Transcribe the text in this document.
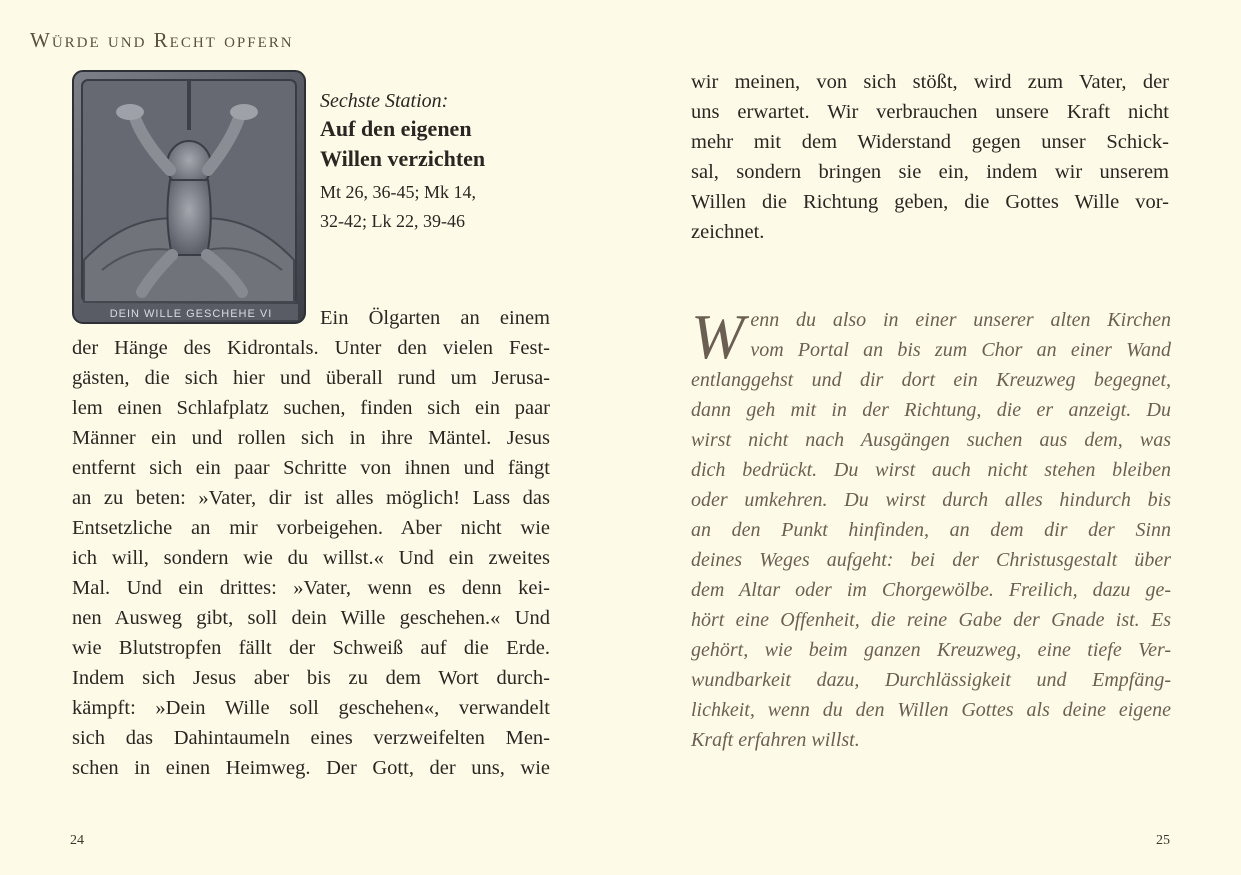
Würde und Recht opfern
DEIN WILLE GESCHEHE VI
Sechste Station:
Auf den eigenen
Willen verzichten
Mt 26, 36-45; Mk 14,
32-42; Lk 22, 39-46
Ein Ölgarten an einem
der Hänge des Kidrontals. Unter den vielen Fest-
gästen, die sich hier und überall rund um Jerusa-
lem einen Schlafplatz suchen, finden sich ein paar
Männer ein und rollen sich in ihre Mäntel. Jesus
entfernt sich ein paar Schritte von ihnen und fängt
an zu beten: »Vater, dir ist alles möglich! Lass das
Entsetzliche an mir vorbeigehen. Aber nicht wie
ich will, sondern wie du willst.« Und ein zweites
Mal. Und ein drittes: »Vater, wenn es denn kei-
nen Ausweg gibt, soll dein Wille geschehen.« Und
wie Blutstropfen fällt der Schweiß auf die Erde.
Indem sich Jesus aber bis zu dem Wort durch-
kämpft: »Dein Wille soll geschehen«, verwandelt
sich das Dahintaumeln eines verzweifelten Men-
schen in einen Heimweg. Der Gott, der uns, wie
24
wir meinen, von sich stößt, wird zum Vater, der
uns erwartet. Wir verbrauchen unsere Kraft nicht
mehr mit dem Widerstand gegen unser Schick-
sal, sondern bringen sie ein, indem wir unserem
Willen die Richtung geben, die Gottes Wille vor-
zeichnet.
W enn du also in einer unserer alten Kirchen
vom Portal an bis zum Chor an einer Wand
entlanggehst und dir dort ein Kreuzweg begegnet,
dann geh mit in der Richtung, die er anzeigt. Du
wirst nicht nach Ausgängen suchen aus dem, was
dich bedrückt. Du wirst auch nicht stehen bleiben
oder umkehren. Du wirst durch alles hindurch bis
an den Punkt hinfinden, an dem dir der Sinn
deines Weges aufgeht: bei der Christusgestalt über
dem Altar oder im Chorgewölbe. Freilich, dazu ge-
hört eine Offenheit, die reine Gabe der Gnade ist. Es
gehört, wie beim ganzen Kreuzweg, eine tiefe Ver-
wundbarkeit dazu, Durchlässigkeit und Empfäng-
lichkeit, wenn du den Willen Gottes als deine eigene
Kraft erfahren willst.
25
